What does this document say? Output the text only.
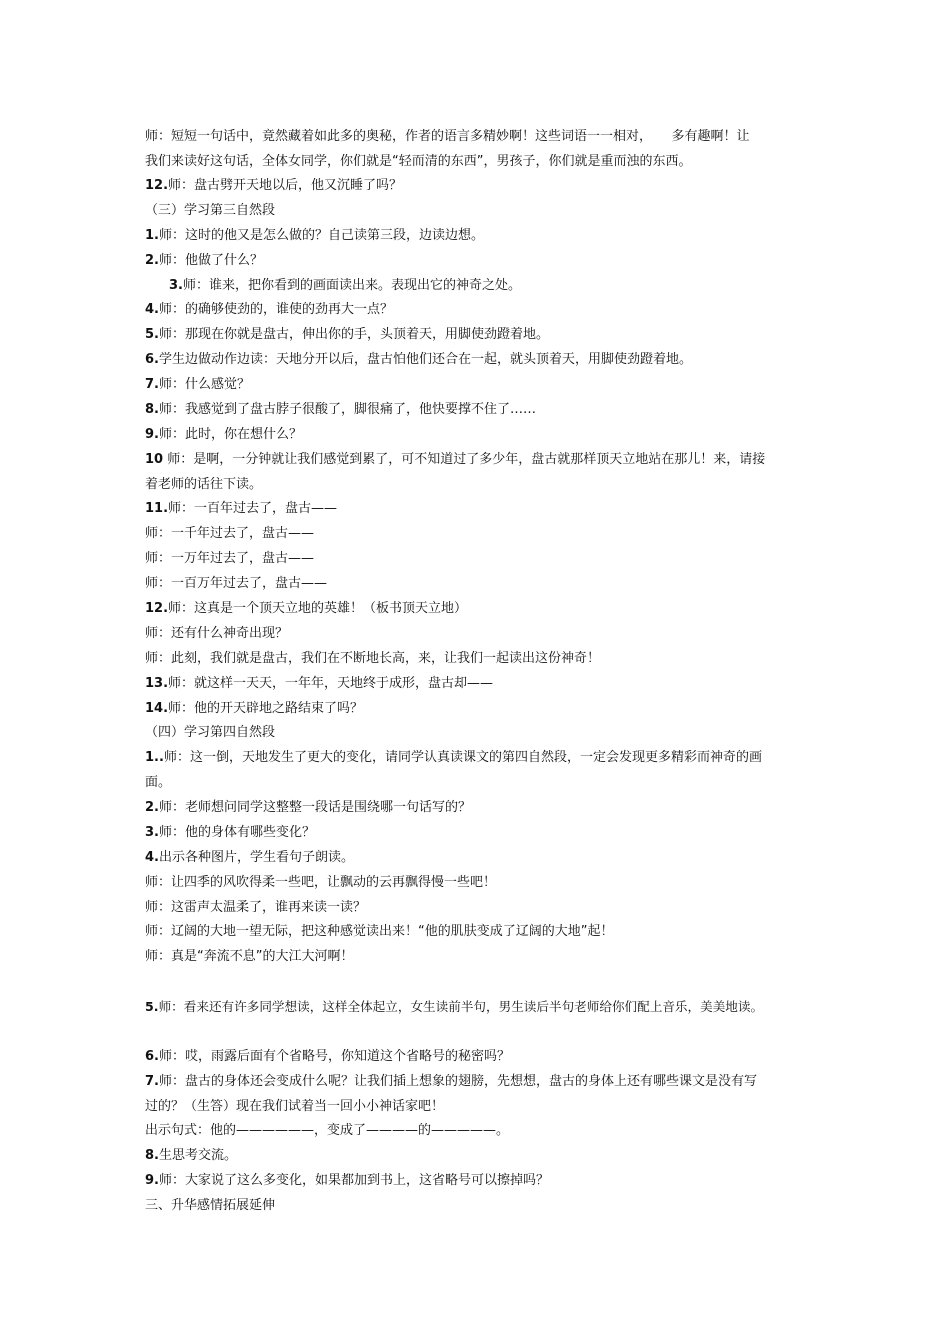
师：短短一句话中，竟然藏着如此多的奥秘，作者的语言多精妙啊！这些词语一一相对，　　多有趣啊！让
我们来读好这句话，全体女同学，你们就是“轻而清的东西”，男孩子，你们就是重而浊的东西。
12.师：盘古劈开天地以后，他又沉睡了吗？
（三）学习第三自然段
1.师：这时的他又是怎么做的？自己读第三段，边读边想。
2.师：他做了什么？
3.师：谁来，把你看到的画面读出来。表现出它的神奇之处。
4.师：的确够使劲的，谁使的劲再大一点？
5.师：那现在你就是盘古，伸出你的手，头顶着天，用脚使劲蹬着地。
6.学生边做动作边读：天地分开以后，盘古怕他们还合在一起，就头顶着天，用脚使劲蹬着地。
7.师：什么感觉？
8.师：我感觉到了盘古脖子很酸了，脚很痛了，他快要撑不住了……
9.师：此时，你在想什么？
10 师：是啊，一分钟就让我们感觉到累了，可不知道过了多少年，盘古就那样顶天立地站在那儿！来，请接
着老师的话往下读。
11.师：一百年过去了，盘古——
师：一千年过去了，盘古——
师：一万年过去了，盘古——
师：一百万年过去了，盘古——
12.师：这真是一个顶天立地的英雄！（板书顶天立地）
师：还有什么神奇出现？
师：此刻，我们就是盘古，我们在不断地长高，来，让我们一起读出这份神奇！
13.师：就这样一天天，一年年，天地终于成形，盘古却——
14.师：他的开天辟地之路结束了吗？
（四）学习第四自然段
1..师：这一倒，天地发生了更大的变化，请同学认真读课文的第四自然段，一定会发现更多精彩而神奇的画
面。
2.师：老师想问同学这整整一段话是围绕哪一句话写的？
3.师：他的身体有哪些变化？
4.出示各种图片，学生看句子朗读。
师：让四季的风吹得柔一些吧，让飘动的云再飘得慢一些吧！
师：这雷声太温柔了，谁再来读一读？
师：辽阔的大地一望无际，把这种感觉读出来！“他的肌肤变成了辽阔的大地”起！
师：真是“奔流不息”的大江大河啊！
5.师：看来还有许多同学想读，这样全体起立，女生读前半句，男生读后半句老师给你们配上音乐，美美地读。
6.师：哎，雨露后面有个省略号，你知道这个省略号的秘密吗？
7.师：盘古的身体还会变成什么呢？让我们插上想象的翅膀，先想想，盘古的身体上还有哪些课文是没有写
过的？（生答）现在我们试着当一回小小神话家吧！
出示句式：他的——————，变成了————的—————。
8.生思考交流。
9.师：大家说了这么多变化，如果都加到书上，这省略号可以擦掉吗？
三、升华感情拓展延伸
